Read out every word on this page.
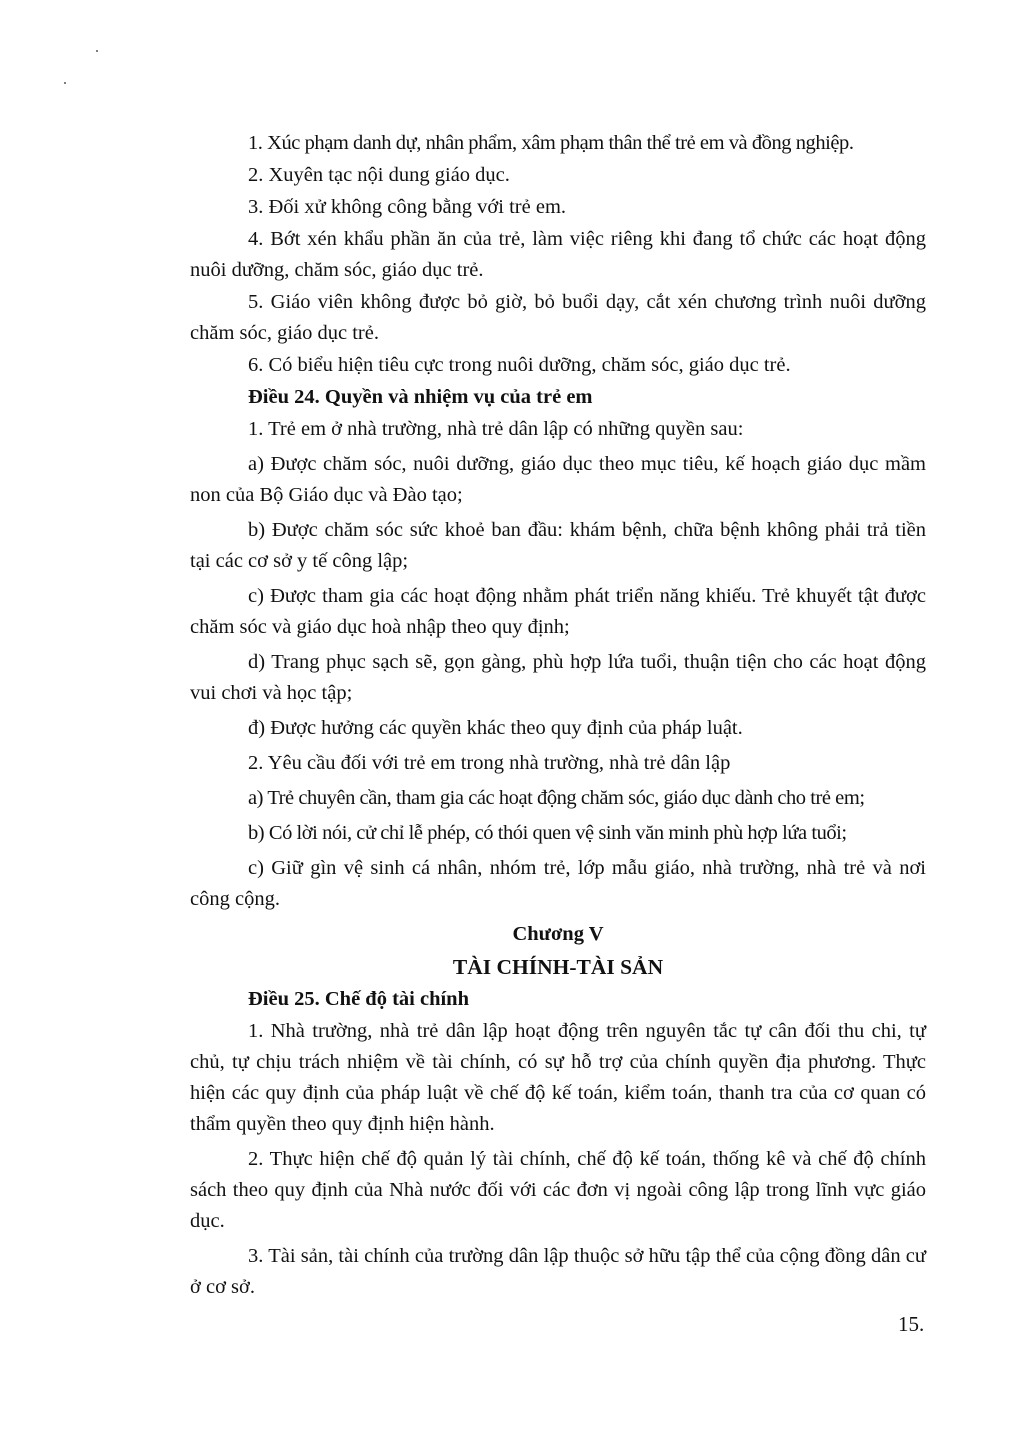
1. Xúc phạm danh dự, nhân phẩm, xâm phạm thân thể trẻ em và đồng nghiệp.

2. Xuyên tạc nội dung giáo dục.

3. Đối xử không công bằng với trẻ em.

4. Bớt xén khẩu phần ăn của trẻ, làm việc riêng khi đang tổ chức các hoạt động nuôi dưỡng, chăm sóc, giáo dục trẻ.

5. Giáo viên không được bỏ giờ, bỏ buổi dạy, cắt xén chương trình nuôi dưỡng chăm sóc, giáo dục trẻ.

6. Có biểu hiện tiêu cực trong nuôi dưỡng, chăm sóc, giáo dục trẻ.

Điều 24. Quyền và nhiệm vụ của trẻ em

1. Trẻ em ở nhà trường, nhà trẻ dân lập có những quyền sau:

a) Được chăm sóc, nuôi dưỡng, giáo dục theo mục tiêu, kế hoạch giáo dục mầm non của Bộ Giáo dục và Đào tạo;

b) Được chăm sóc sức khoẻ ban đầu: khám bệnh, chữa bệnh không phải trả tiền tại các cơ sở y tế công lập;

c) Được tham gia các hoạt động nhằm phát triển năng khiếu. Trẻ khuyết tật được chăm sóc và giáo dục hoà nhập theo quy định;

d) Trang phục sạch sẽ, gọn gàng, phù hợp lứa tuổi, thuận tiện cho các hoạt động vui chơi và học tập;

đ) Được hưởng các quyền khác theo quy định của pháp luật.

2. Yêu cầu đối với trẻ em trong nhà trường, nhà trẻ dân lập

a) Trẻ chuyên cần, tham gia các hoạt động chăm sóc, giáo dục dành cho trẻ em;

b) Có lời nói, cử chỉ lễ phép, có thói quen vệ sinh văn minh phù hợp lứa tuổi;

c) Giữ gìn vệ sinh cá nhân, nhóm trẻ, lớp mẫu giáo, nhà trường, nhà trẻ và nơi công cộng.

Chương V

TÀI CHÍNH-TÀI SẢN

Điều 25. Chế độ tài chính

1. Nhà trường, nhà trẻ dân lập hoạt động trên nguyên tắc tự cân đối thu chi, tự chủ, tự chịu trách nhiệm về tài chính, có sự hỗ trợ của chính quyền địa phương. Thực hiện các quy định của pháp luật về chế độ kế toán, kiểm toán, thanh tra của cơ quan có thẩm quyền theo quy định hiện hành.

2. Thực hiện chế độ quản lý tài chính, chế độ kế toán, thống kê và chế độ chính sách theo quy định của Nhà nước đối với các đơn vị ngoài công lập trong lĩnh vực giáo dục.

3. Tài sản, tài chính của trường dân lập thuộc sở hữu tập thể của cộng đồng dân cư ở cơ sở.

15.
